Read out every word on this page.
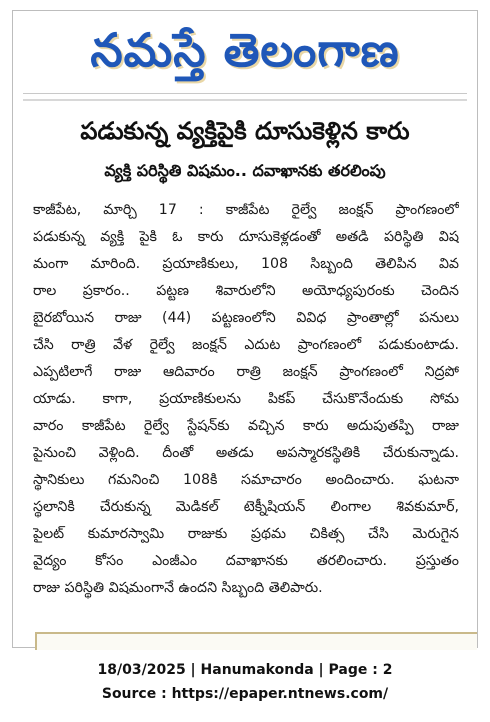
నమస్తే తెలంగాణ
పడుకున్న వ్యక్తిపైకి దూసుకెళ్లిన కారు
వ్యక్తి పరిస్థితి విషమం.. దవాఖానకు తరలింపు
కాజీపేట, మార్చి 17 : కాజీపేట రైల్వే జంక్షన్ ప్రాంగణంలో
పడుకున్న వ్యక్తి పైకి ఓ కారు దూసుకెళ్లడంతో అతడి పరిస్థితి విష
మంగా మారింది. ప్రయాణికులు, 108 సిబ్బంది తెలిపిన వివ
రాల ప్రకారం.. పట్టణ శివారులోని అయోధ్యపురంకు చెందిన
బైరబోయిన రాజు (44) పట్టణంలోని వివిధ ప్రాంతాల్లో పనులు
చేసి రాత్రి వేళ రైల్వే జంక్షన్ ఎదుట ప్రాంగణంలో పడుకుంటాడు.
ఎప్పటిలాగే రాజు ఆదివారం రాత్రి జంక్షన్ ప్రాంగణంలో నిద్రపో
యాడు. కాగా, ప్రయాణికులను పికప్ చేసుకొనేందుకు సోమ
వారం కాజీపేట రైల్వే స్టేషన్‌కు వచ్చిన కారు అదుపుతప్పి రాజు
పైనుంచి వెళ్లింది. దీంతో అతడు అపస్మారకస్థితికి చేరుకున్నాడు.
స్థానికులు గమనించి 108కి సమాచారం అందించారు. ఘటనా
స్థలానికి చేరుకున్న మెడికల్ టెక్నీషియన్ లింగాల శివకుమార్,
పైలట్ కుమారస్వామి రాజుకు ప్రథమ చికిత్స చేసి మెరుగైన
వైద్యం కోసం ఎంజీఎం దవాఖానకు తరలించారు. ప్రస్తుతం
రాజు పరిస్థితి విషమంగానే ఉందని సిబ్బంది తెలిపారు.
18/03/2025 | Hanumakonda | Page : 2
Source : https://epaper.ntnews.com/
